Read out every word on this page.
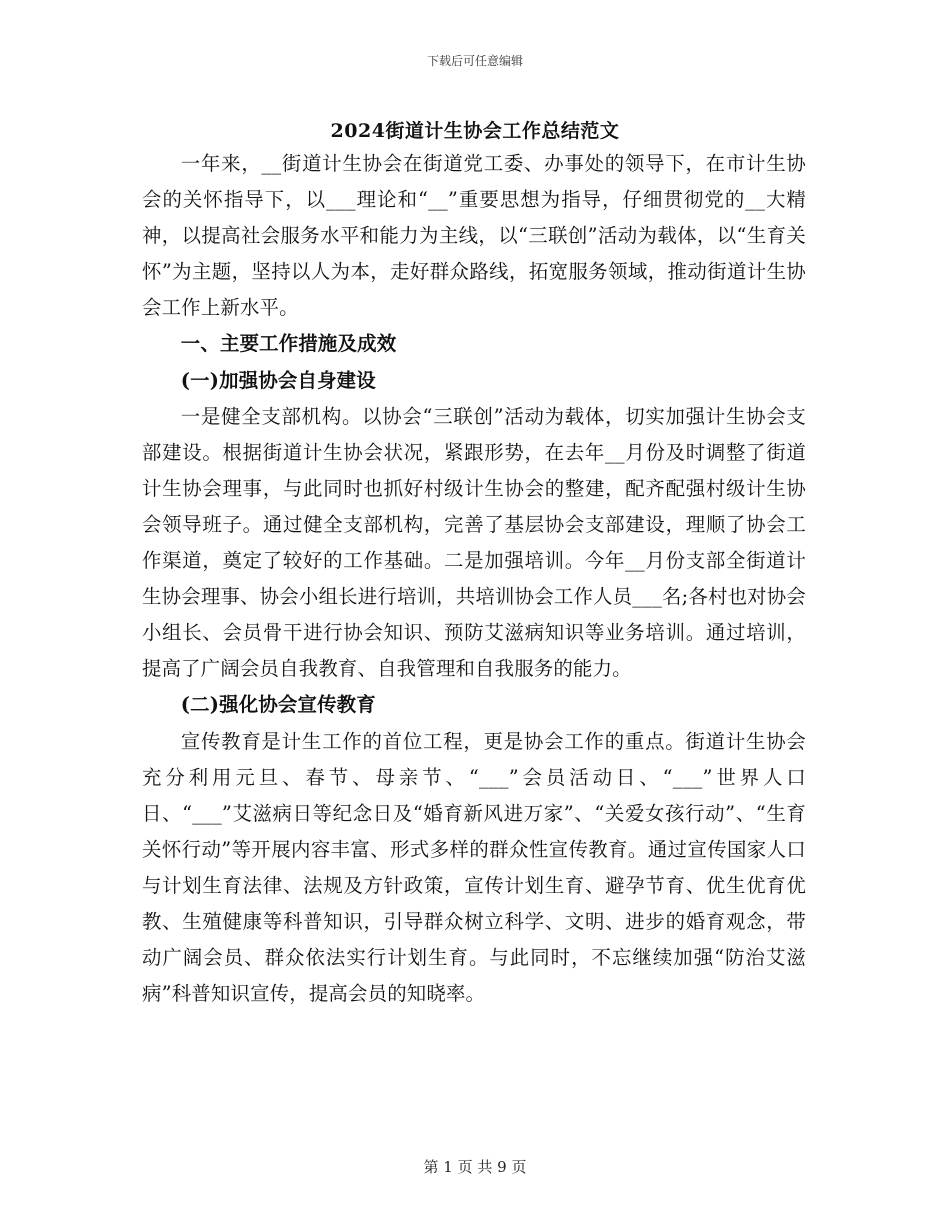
下载后可任意编辑
2024街道计生协会工作总结范文

一年来，__街道计生协会在街道党工委、办事处的领导下，在市计生协会的关怀指导下，以___理论和“__”重要思想为指导，仔细贯彻党的__大精神，以提高社会服务水平和能力为主线，以“三联创”活动为载体，以“生育关怀”为主题，坚持以人为本，走好群众路线，拓宽服务领域，推动街道计生协会工作上新水平。

一、主要工作措施及成效

(一)加强协会自身建设

一是健全支部机构。以协会“三联创”活动为载体，切实加强计生协会支部建设。根据街道计生协会状况，紧跟形势，在去年__月份及时调整了街道计生协会理事，与此同时也抓好村级计生协会的整建，配齐配强村级计生协会领导班子。通过健全支部机构，完善了基层协会支部建设，理顺了协会工作渠道，奠定了较好的工作基础。二是加强培训。今年__月份支部全街道计生协会理事、协会小组长进行培训，共培训协会工作人员___名;各村也对协会小组长、会员骨干进行协会知识、预防艾滋病知识等业务培训。通过培训，提高了广阔会员自我教育、自我管理和自我服务的能力。

(二)强化协会宣传教育

宣传教育是计生工作的首位工程，更是协会工作的重点。街道计生协会充分利用元旦、春节、母亲节、“___”会员活动日、“___”世界人口日、“___”艾滋病日等纪念日及“婚育新风进万家”、“关爱女孩行动”、“生育关怀行动”等开展内容丰富、形式多样的群众性宣传教育。通过宣传国家人口与计划生育法律、法规及方针政策，宣传计划生育、避孕节育、优生优育优教、生殖健康等科普知识，引导群众树立科学、文明、进步的婚育观念，带动广阔会员、群众依法实行计划生育。与此同时，不忘继续加强“防治艾滋病”科普知识宣传，提高会员的知晓率。

第 1 页 共 9 页
